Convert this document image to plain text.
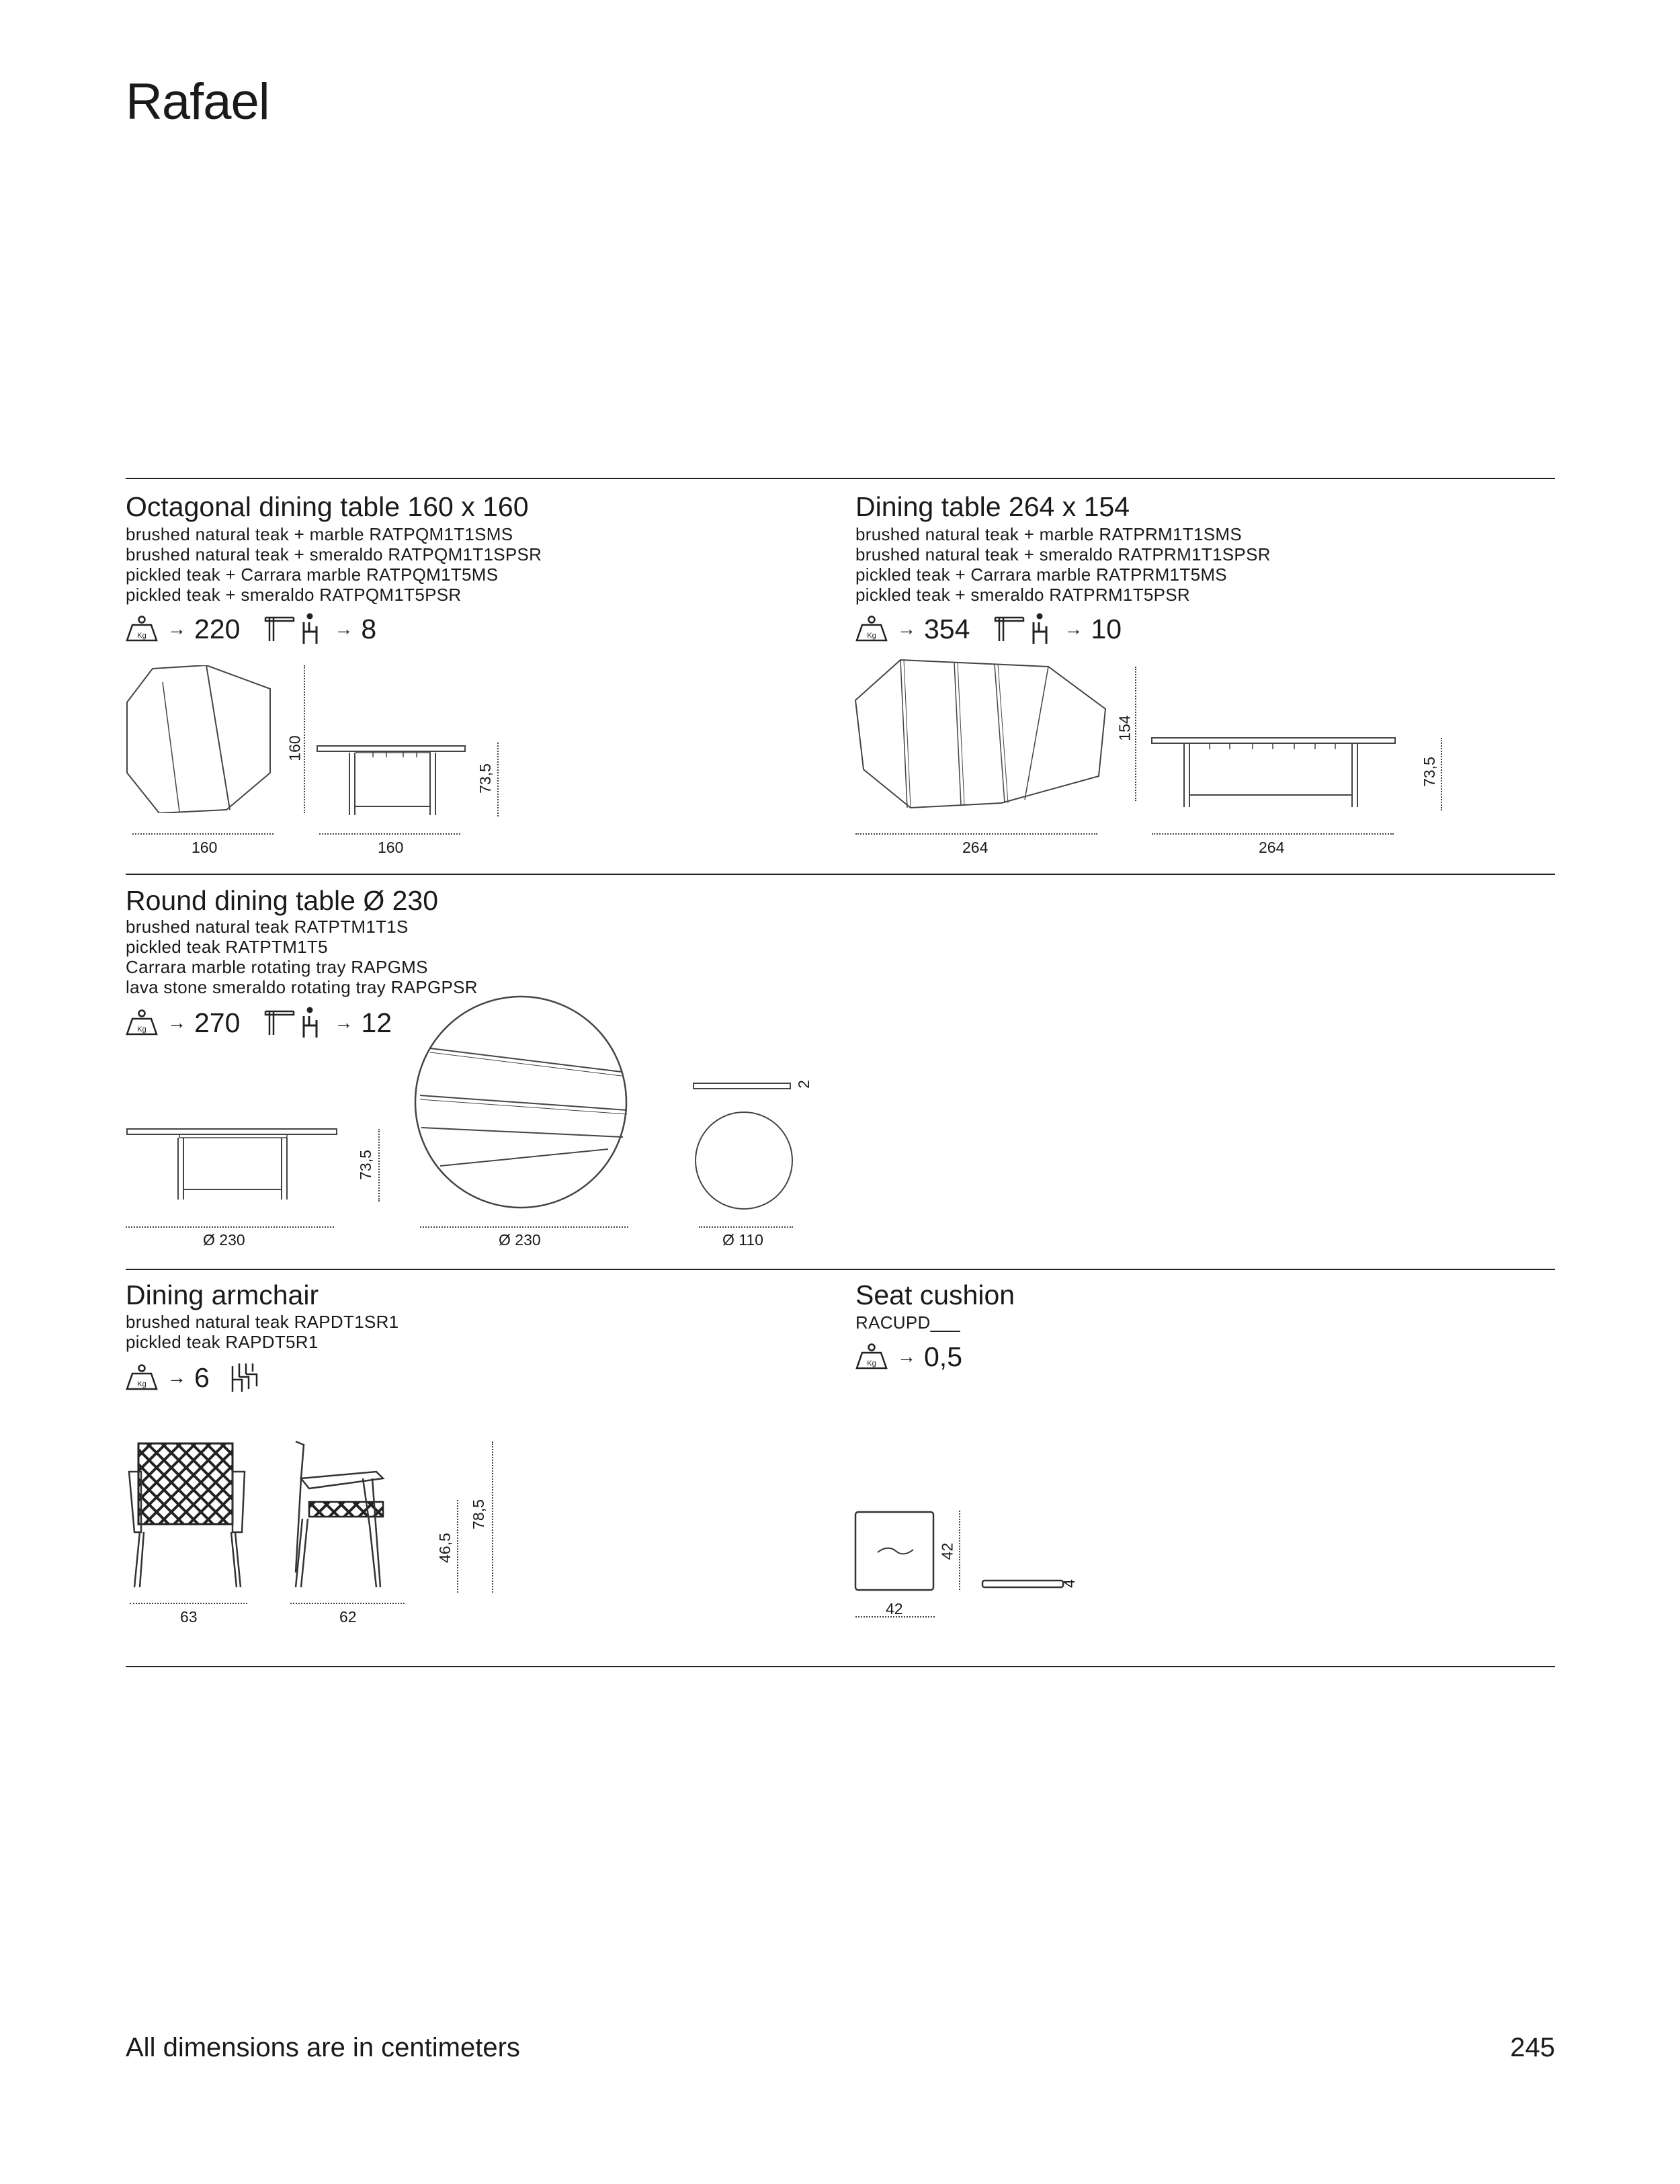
Rafael
Octagonal dining table 160 x 160
brushed natural teak + marble RATPQM1T1SMS
brushed natural teak + smeraldo RATPQM1T1SPSR
pickled teak + Carrara marble RATPQM1T5MS
pickled teak + smeraldo RATPQM1T5PSR
Kg → 220	→ 8
160
73,5
160	160
Dining table 264 x 154
brushed natural teak + marble RATPRM1T1SMS
brushed natural teak + smeraldo RATPRM1T1SPSR
pickled teak + Carrara marble RATPRM1T5MS
pickled teak + smeraldo RATPRM1T5PSR
Kg → 354	→ 10
154
73,5
264	264
Round dining table Ø 230
brushed natural teak RATPTM1T1S
pickled teak RATPTM1T5
Carrara marble rotating tray RAPGMS
lava stone smeraldo rotating tray RAPGPSR
Kg → 270	→ 12
73,5
Ø 230	Ø 230
2
Ø 110
Dining armchair
brushed natural teak RAPDT1SR1
pickled teak RAPDT5R1
Kg → 6
46,5
78,5
63	62
Seat cushion
RACUPD___
Kg → 0,5
42
4
42
All dimensions are in centimeters	245
